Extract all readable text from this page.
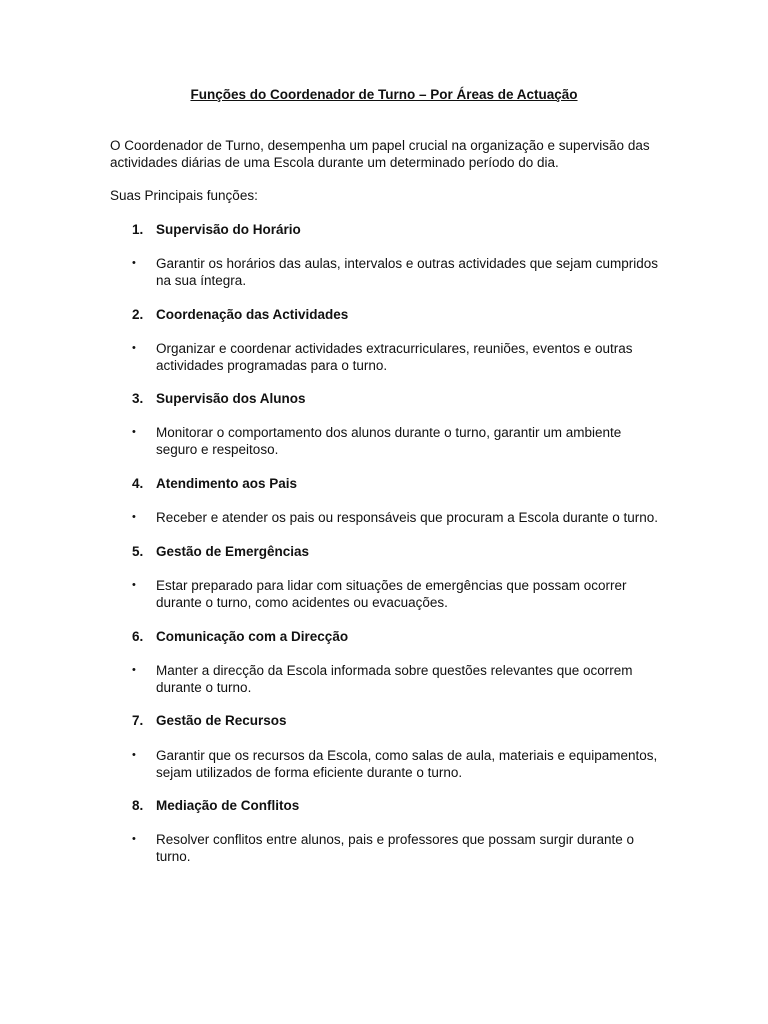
Funções do Coordenador de Turno – Por Áreas de Actuação
O Coordenador de Turno, desempenha um papel crucial na organização e supervisão das actividades diárias de uma Escola durante um determinado período do dia.
Suas Principais funções:
1. Supervisão do Horário
• Garantir os horários das aulas, intervalos e outras actividades que sejam cumpridos na sua íntegra.
2. Coordenação das Actividades
• Organizar e coordenar actividades extracurriculares, reuniões, eventos e outras actividades programadas para o turno.
3. Supervisão dos Alunos
• Monitorar o comportamento dos alunos durante o turno, garantir um ambiente seguro e respeitoso.
4. Atendimento aos Pais
• Receber e atender os pais ou responsáveis que procuram a Escola durante o turno.
5. Gestão de Emergências
• Estar preparado para lidar com situações de emergências que possam ocorrer durante o turno, como acidentes ou evacuações.
6. Comunicação com a Direcção
• Manter a direcção da Escola informada sobre questões relevantes que ocorrem durante o turno.
7. Gestão de Recursos
• Garantir que os recursos da Escola, como salas de aula, materiais e equipamentos, sejam utilizados de forma eficiente durante o turno.
8. Mediação de Conflitos
• Resolver conflitos entre alunos, pais e professores que possam surgir durante o turno.
